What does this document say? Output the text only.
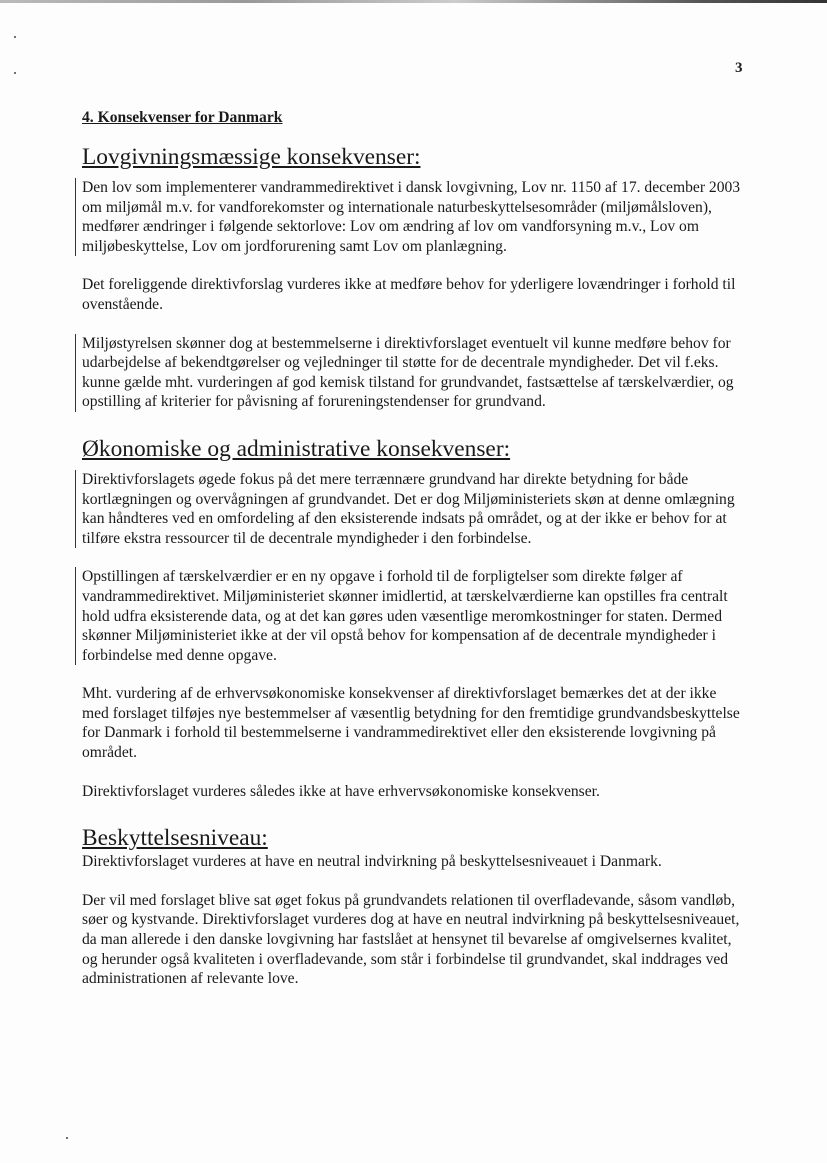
3
4. Konsekvenser for Danmark
Lovgivningsmæssige konsekvenser:

Den lov som implementerer vandrammedirektivet i dansk lovgivning, Lov nr. 1150 af 17. december 2003 om miljømål m.v. for vandforekomster og internationale naturbeskyttelsesområder (miljømålsloven), medfører ændringer i følgende sektorlove: Lov om ændring af lov om vandforsyning m.v., Lov om miljøbeskyttelse, Lov om jordforurening samt Lov om planlægning.

Det foreliggende direktivforslag vurderes ikke at medføre behov for yderligere lovændringer i forhold til ovenstående.

Miljøstyrelsen skønner dog at bestemmelserne i direktivforslaget eventuelt vil kunne medføre behov for udarbejdelse af bekendtgørelser og vejledninger til støtte for de decentrale myndigheder. Det vil f.eks. kunne gælde mht. vurderingen af god kemisk tilstand for grundvandet, fastsættelse af tærskelværdier, og opstilling af kriterier for påvisning af forureningstendenser for grundvand.

Økonomiske og administrative konsekvenser:

Direktivforslagets øgede fokus på det mere terrænnære grundvand har direkte betydning for både kortlægningen og overvågningen af grundvandet. Det er dog Miljøministeriets skøn at denne omlægning kan håndteres ved en omfordeling af den eksisterende indsats på området, og at der ikke er behov for at tilføre ekstra ressourcer til de decentrale myndigheder i den forbindelse.

Opstillingen af tærskelværdier er en ny opgave i forhold til de forpligtelser som direkte følger af vandrammedirektivet. Miljøministeriet skønner imidlertid, at tærskelværdierne kan opstilles fra centralt hold udfra eksisterende data, og at det kan gøres uden væsentlige meromkostninger for staten. Dermed skønner Miljøministeriet ikke at der vil opstå behov for kompensation af de decentrale myndigheder i forbindelse med denne opgave.

Mht. vurdering af de erhvervsøkonomiske konsekvenser af direktivforslaget bemærkes det at der ikke med forslaget tilføjes nye bestemmelser af væsentlig betydning for den fremtidige grundvandsbeskyttelse for Danmark i forhold til bestemmelserne i vandrammedirektivet eller den eksisterende lovgivning på området.

Direktivforslaget vurderes således ikke at have erhvervsøkonomiske konsekvenser.

Beskyttelsesniveau:

Direktivforslaget vurderes at have en neutral indvirkning på beskyttelsesniveauet i Danmark.

Der vil med forslaget blive sat øget fokus på grundvandets relationen til overfladevande, såsom vandløb, søer og kystvande. Direktivforslaget vurderes dog at have en neutral indvirkning på beskyttelsesniveauet, da man allerede i den danske lovgivning har fastslået at hensynet til bevarelse af omgivelsernes kvalitet, og herunder også kvaliteten i overfladevande, som står i forbindelse til grundvandet, skal inddrages ved administrationen af relevante love.
